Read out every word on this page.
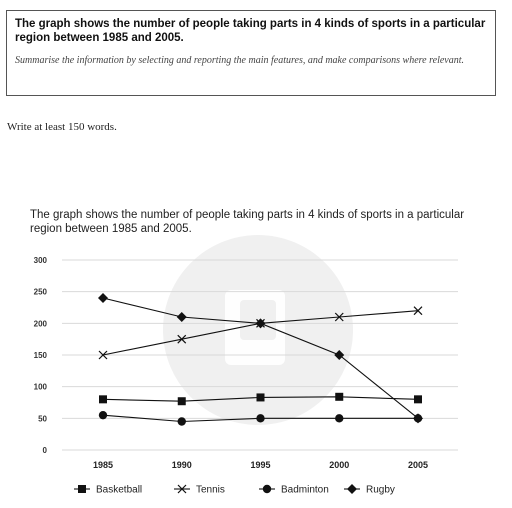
The graph shows the number of people taking parts in 4 kinds of sports in a particular region between 1985 and 2005.

Summarise the information by selecting and reporting the main features, and make comparisons where relevant.
Write at least 150 words.
The graph shows the number of people taking parts in 4 kinds of sports in a particular
region between 1985 and 2005.
0
50
100
150
200
250
300
1985	1990	1995	2000	2005
Basketball	Tennis	Badminton	Rugby
